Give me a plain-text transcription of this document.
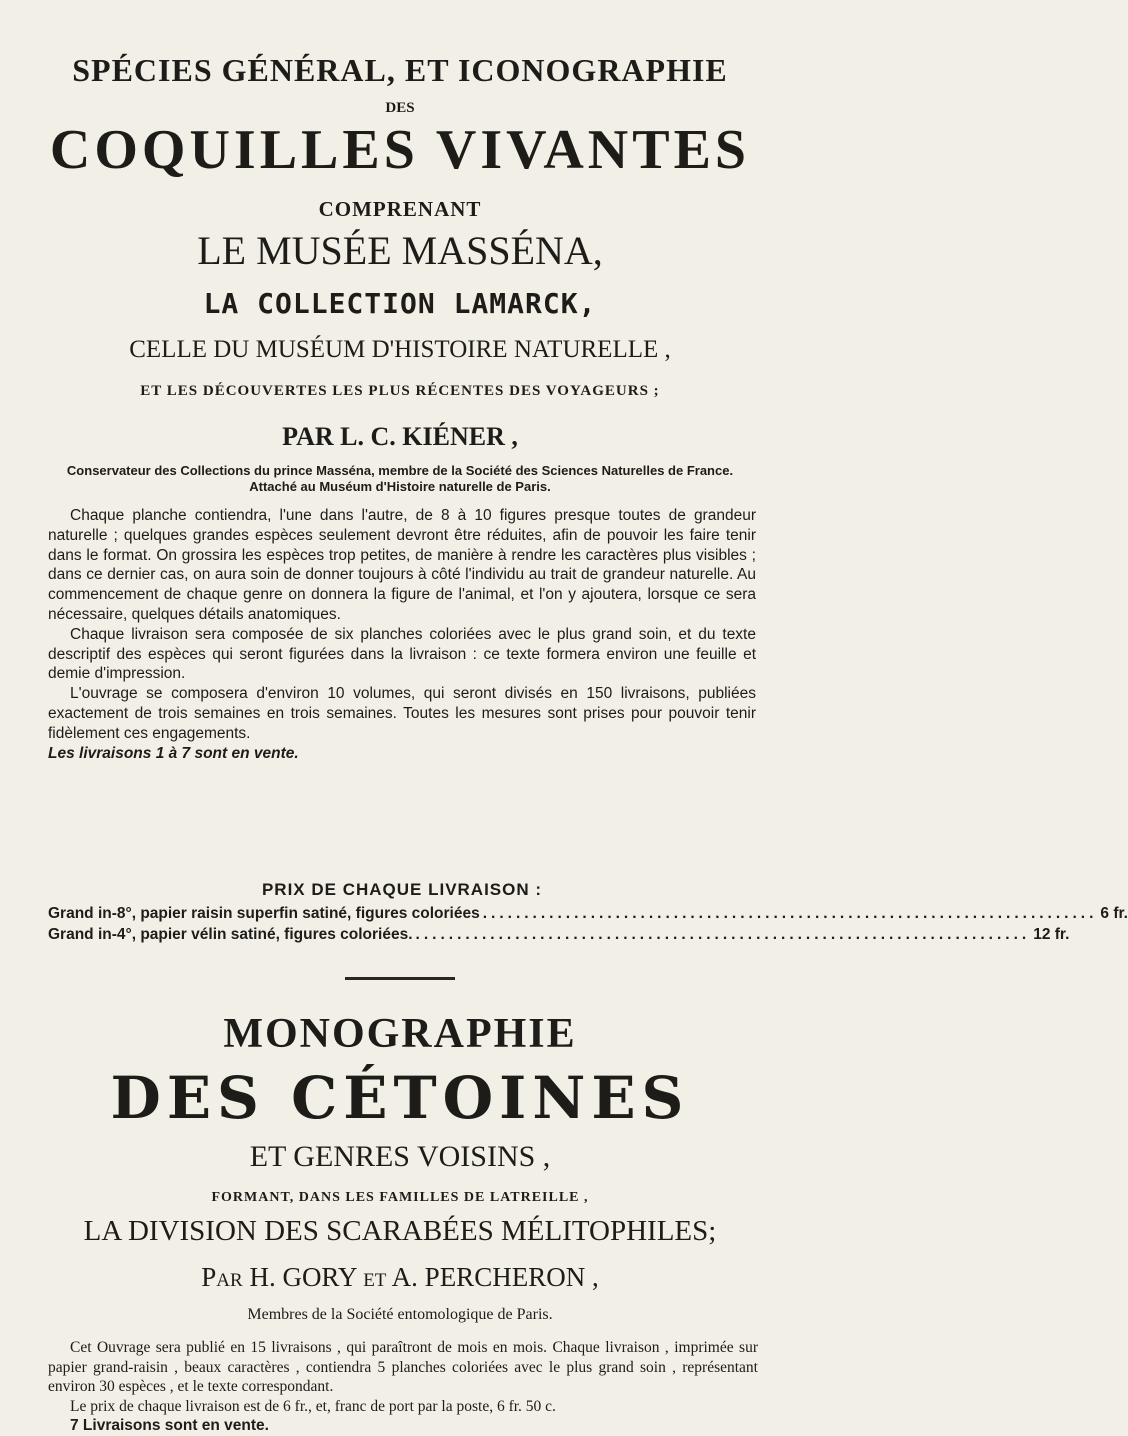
SPÉCIES GÉNÉRAL, ET ICONOGRAPHIE
DES
COQUILLES VIVANTES
COMPRENANT
LE MUSÉE MASSÉNA,
LA COLLECTION LAMARCK,
CELLE DU MUSÉUM D'HISTOIRE NATURELLE ,
ET LES DÉCOUVERTES LES PLUS RÉCENTES DES VOYAGEURS ;
PAR L. C. KIÉNER ,
Conservateur des Collections du prince Masséna, membre de la Société des Sciences Naturelles de France.
Attaché au Muséum d'Histoire naturelle de Paris.

Chaque planche contiendra, l'une dans l'autre, de 8 à 10 figures presque toutes de grandeur naturelle ; quelques grandes espèces seulement devront être réduites, afin de pouvoir les faire tenir dans le format. On grossira les espèces trop petites, de manière à rendre les caractères plus visibles ; dans ce dernier cas, on aura soin de donner toujours à côté l'individu au trait de grandeur naturelle. Au commencement de chaque genre on donnera la figure de l'animal, et l'on y ajoutera, lorsque ce sera nécessaire, quelques détails anatomiques.

Chaque livraison sera composée de six planches coloriées avec le plus grand soin, et du texte descriptif des espèces qui seront figurées dans la livraison : ce texte formera environ une feuille et demie d'impression.

L'ouvrage se composera d'environ 10 volumes, qui seront divisés en 150 livraisons, publiées exactement de trois semaines en trois semaines. Toutes les mesures sont prises pour pouvoir tenir fidèlement ces engagements.

Les livraisons 1 à 7 sont en vente.

PRIX DE CHAQUE LIVRAISON :
Grand in-8°, papier raisin superfin satiné, figures coloriées .......................................................................... 6 fr.
Grand in-4°, papier vélin satiné, figures coloriées. .......................................................................... 12 fr.
MONOGRAPHIE
DES CÉTOINES
ET GENRES VOISINS ,
FORMANT, DANS LES FAMILLES DE LATREILLE ,
LA DIVISION DES SCARABÉES MÉLITOPHILES;
Par H. GORY et A. PERCHERON ,
Membres de la Société entomologique de Paris.

Cet Ouvrage sera publié en 15 livraisons , qui paraîtront de mois en mois. Chaque livraison , imprimée sur papier grand-raisin , beaux caractères , contiendra 5 planches coloriées avec le plus grand soin , représentant environ 30 espèces , et le texte correspondant.

Le prix de chaque livraison est de 6 fr., et, franc de port par la poste, 6 fr. 50 c.

7 Livraisons sont en vente.
